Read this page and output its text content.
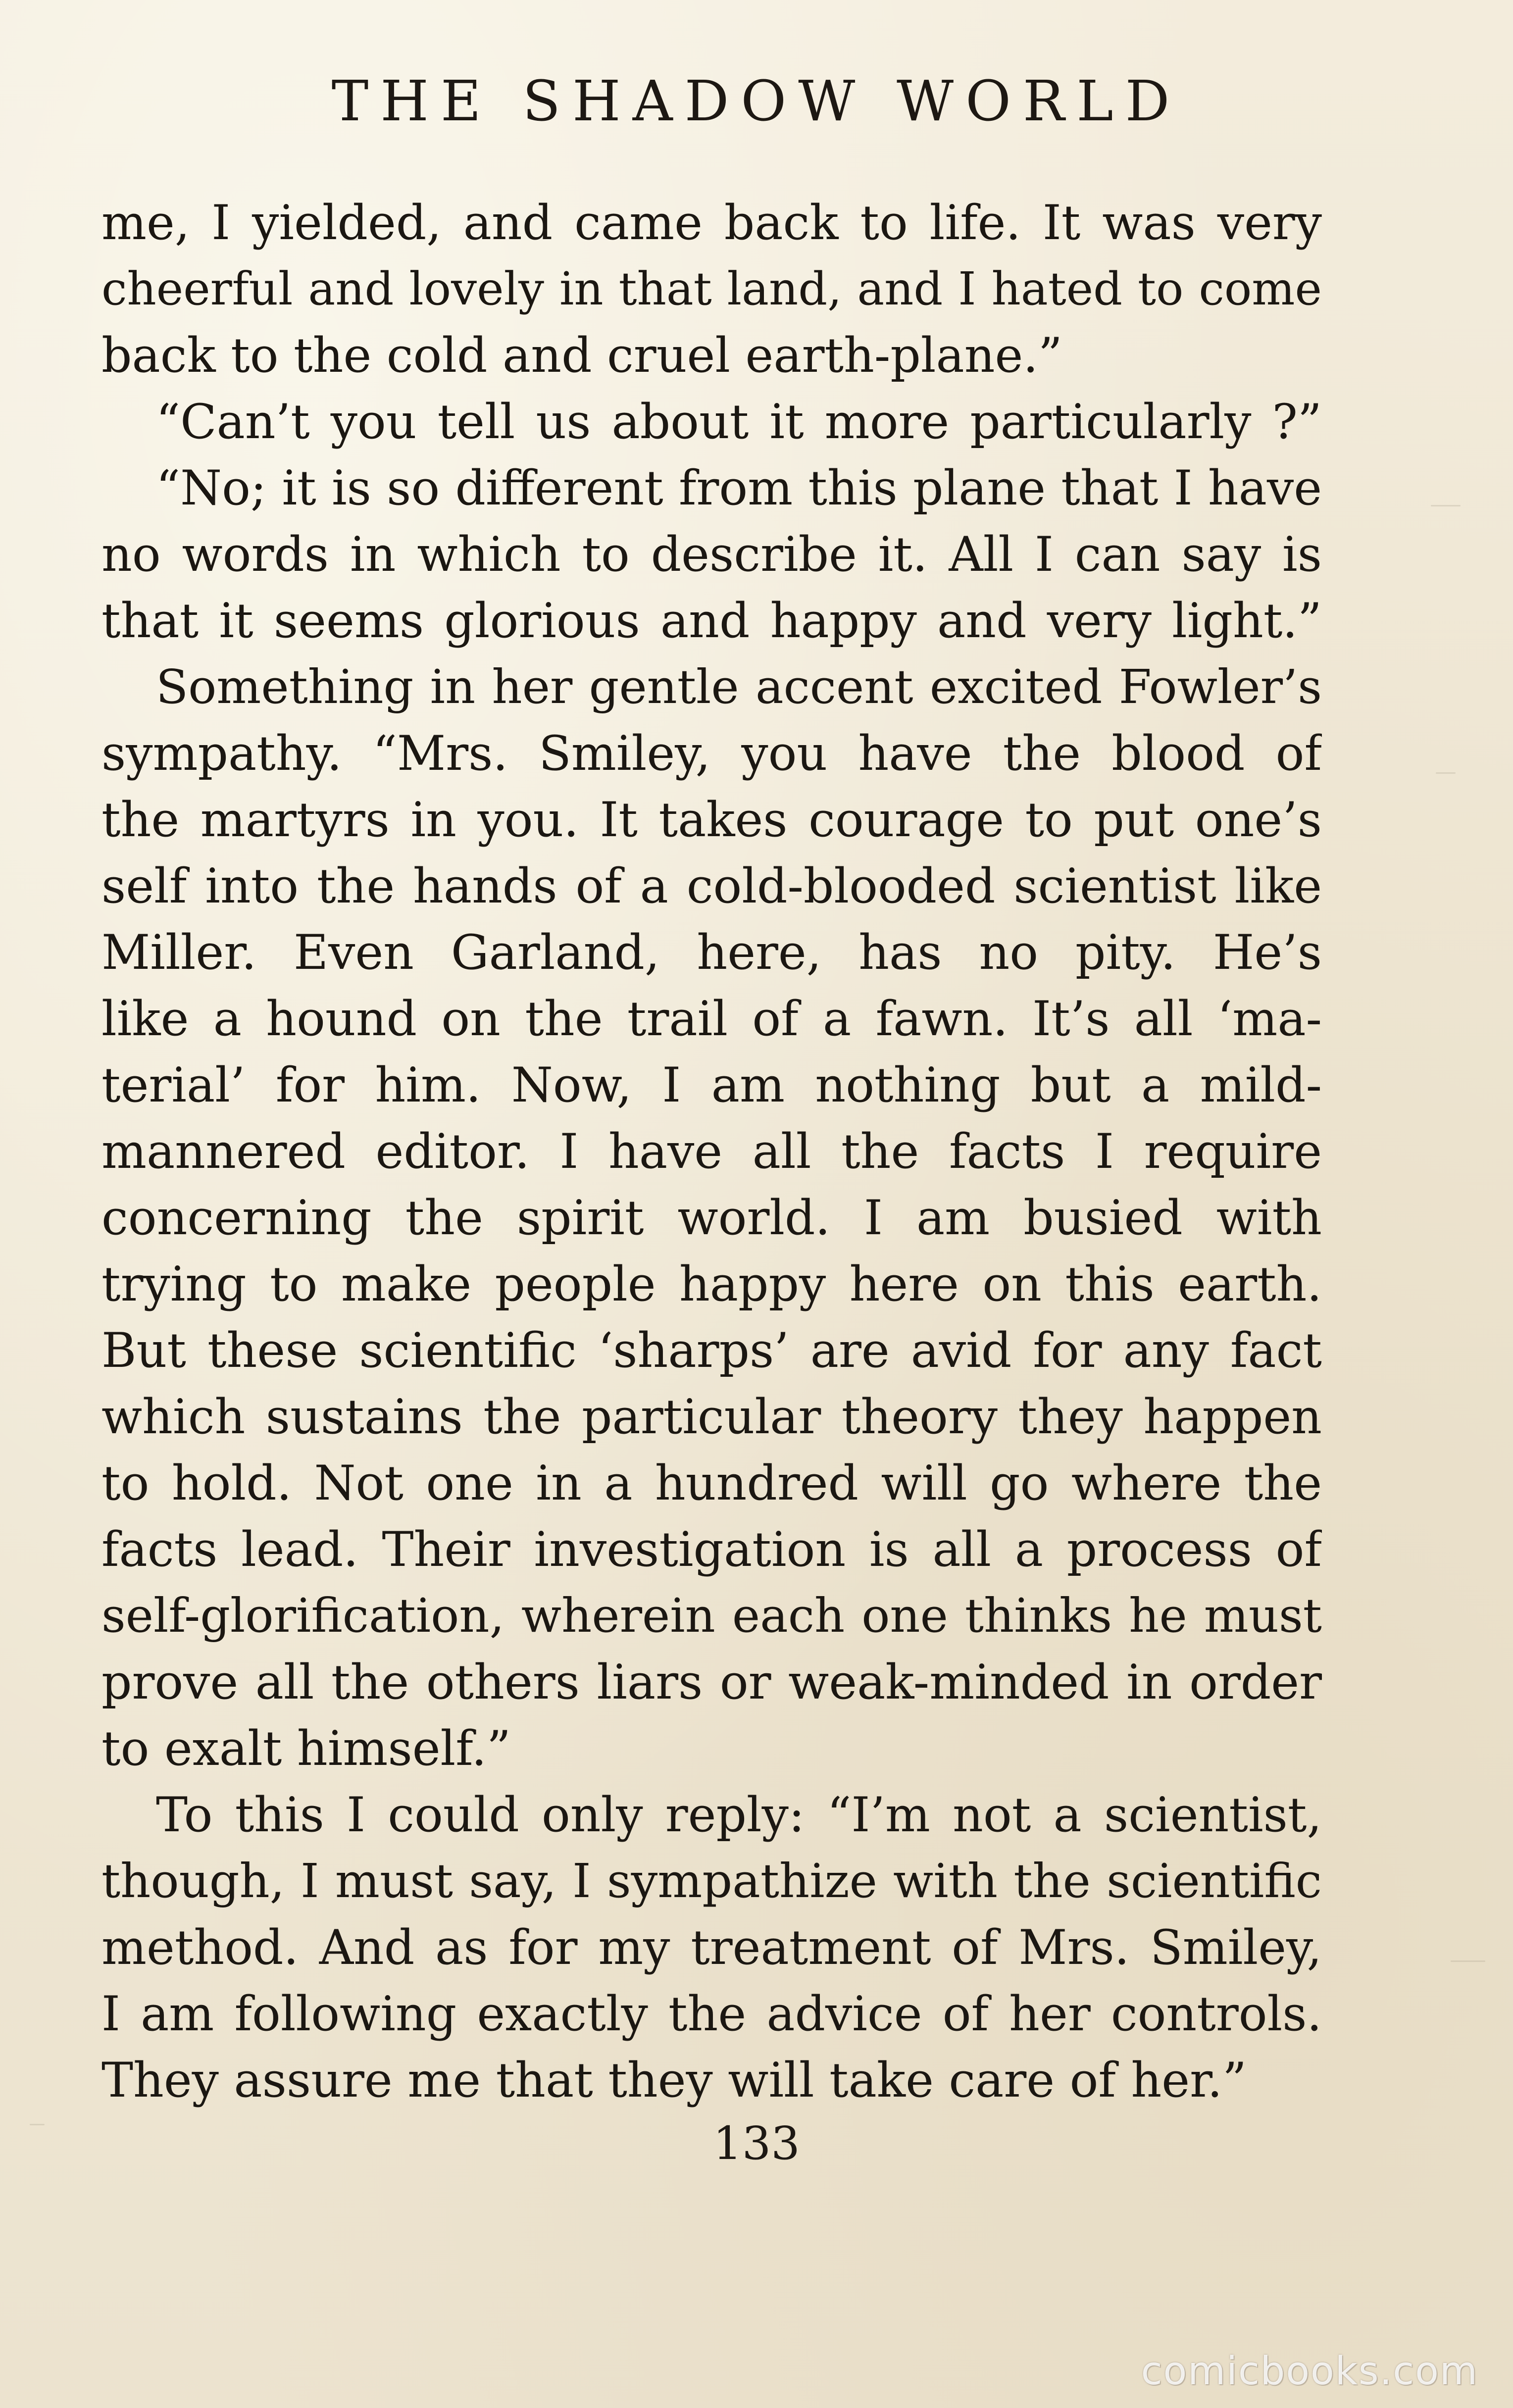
THE SHADOW WORLD
me, I yielded, and came back to life. It was very
cheerful and lovely in that land, and I hated to come
back to the cold and cruel earth-plane.”
“Can’t you tell us about it more particularly ?”
“No; it is so different from this plane that I have
no words in which to describe it. All I can say is
that it seems glorious and happy and very light.”
Something in her gentle accent excited Fowler’s
sympathy. “Mrs. Smiley, you have the blood of
the martyrs in you. It takes courage to put one’s
self into the hands of a cold-blooded scientist like
Miller. Even Garland, here, has no pity. He’s
like a hound on the trail of a fawn. It’s all ‘ma-
terial’ for him. Now, I am nothing but a mild-
mannered editor. I have all the facts I require
concerning the spirit world. I am busied with
trying to make people happy here on this earth.
But these scientific ‘sharps’ are avid for any fact
which sustains the particular theory they happen
to hold. Not one in a hundred will go where the
facts lead. Their investigation is all a process of
self-glorification, wherein each one thinks he must
prove all the others liars or weak-minded in order
to exalt himself.”
To this I could only reply: “I’m not a scientist,
though, I must say, I sympathize with the scientific
method. And as for my treatment of Mrs. Smiley,
I am following exactly the advice of her controls.
They assure me that they will take care of her.”
133
comicbooks.com
